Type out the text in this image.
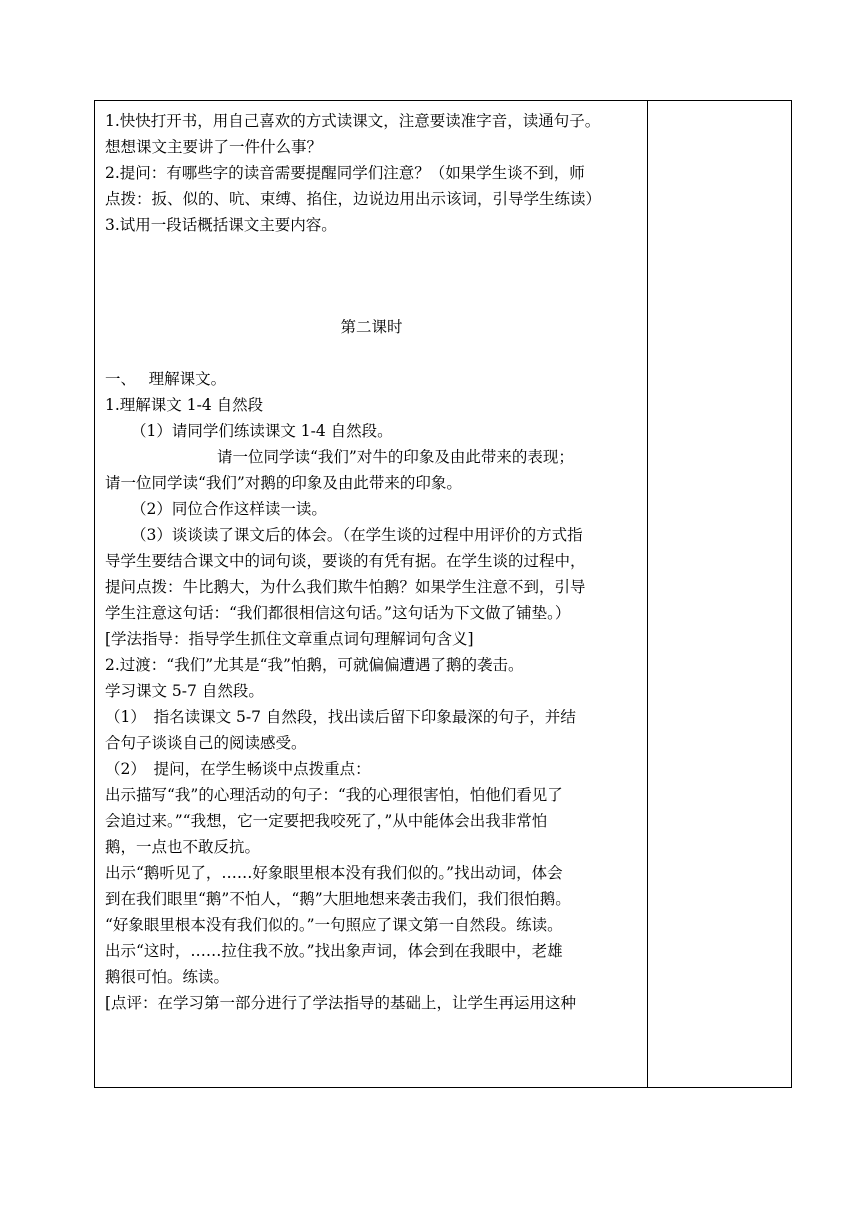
1.快快打开书，用自己喜欢的方式读课文，注意要读准字音，读通句子。
想想课文主要讲了一件什么事？
2.提问：有哪些字的读音需要提醒同学们注意？（如果学生谈不到，师
点拨：扳、似的、吭、束缚、掐住，边说边用出示该词，引导学生练读）
3.试用一段话概括课文主要内容。
第二课时
一、　 理解课文。
1.理解课文 1-4 自然段
（1）请同学们练读课文 1-4 自然段。
请一位同学读“我们”对牛的印象及由此带来的表现；
请一位同学读“我们”对鹅的印象及由此带来的印象。
（2）同位合作这样读一读。
（3）谈谈读了课文后的体会。（在学生谈的过程中用评价的方式指
导学生要结合课文中的词句谈，要谈的有凭有据。在学生谈的过程中，
提问点拨：牛比鹅大，为什么我们欺牛怕鹅？如果学生注意不到，引导
学生注意这句话：“我们都很相信这句话。”这句话为下文做了铺垫。）
[学法指导：指导学生抓住文章重点词句理解词句含义]
2.过渡：“我们”尤其是“我”怕鹅，可就偏偏遭遇了鹅的袭击。
学习课文 5-7 自然段。
（1）　指名读课文 5-7 自然段，找出读后留下印象最深的句子，并结
合句子谈谈自己的阅读感受。
（2）　提问，在学生畅谈中点拨重点：
出示描写“我”的心理活动的句子：“我的心理很害怕，怕他们看见了
会追过来。”“我想，它一定要把我咬死了，”从中能体会出我非常怕
鹅，一点也不敢反抗。
出示“鹅听见了，……好象眼里根本没有我们似的。”找出动词，体会
到在我们眼里“鹅”不怕人，“鹅”大胆地想来袭击我们，我们很怕鹅。
“好象眼里根本没有我们似的。”一句照应了课文第一自然段。练读。
出示“这时，……拉住我不放。”找出象声词，体会到在我眼中，老雄
鹅很可怕。练读。
[点评：在学习第一部分进行了学法指导的基础上，让学生再运用这种
